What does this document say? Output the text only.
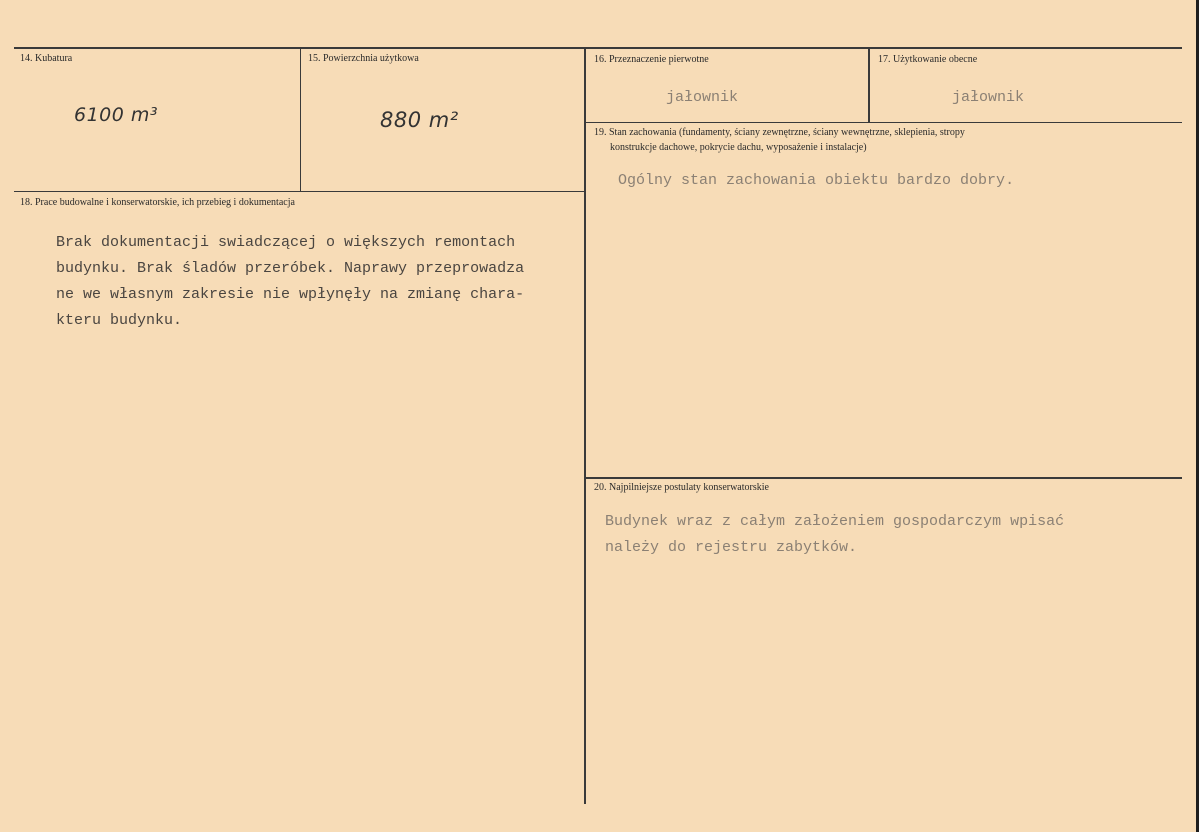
14. Kubatura
6100 m³
15. Powierzchnia użytkowa
880 m²
16. Przeznaczenie pierwotne
jałownik
17. Użytkowanie obecne
jałownik
18. Prace budowalne i konserwatorskie, ich przebieg i dokumentacja
Brak dokumentacji swiadczącej o większych remontach
budynku. Brak śladów przeróbek. Naprawy przeprowadza
ne we własnym zakresie nie wpłynęły na zmianę chara-
kteru budynku.
19. Stan zachowania (fundamenty, ściany zewnętrzne, ściany wewnętrzne, sklepienia, stropy
konstrukcje dachowe, pokrycie dachu, wyposażenie i instalacje)
Ogólny stan zachowania obiektu bardzo dobry.
20. Najpilniejsze postulaty konserwatorskie
Budynek wraz z całym założeniem gospodarczym wpisać
należy do rejestru zabytków.
